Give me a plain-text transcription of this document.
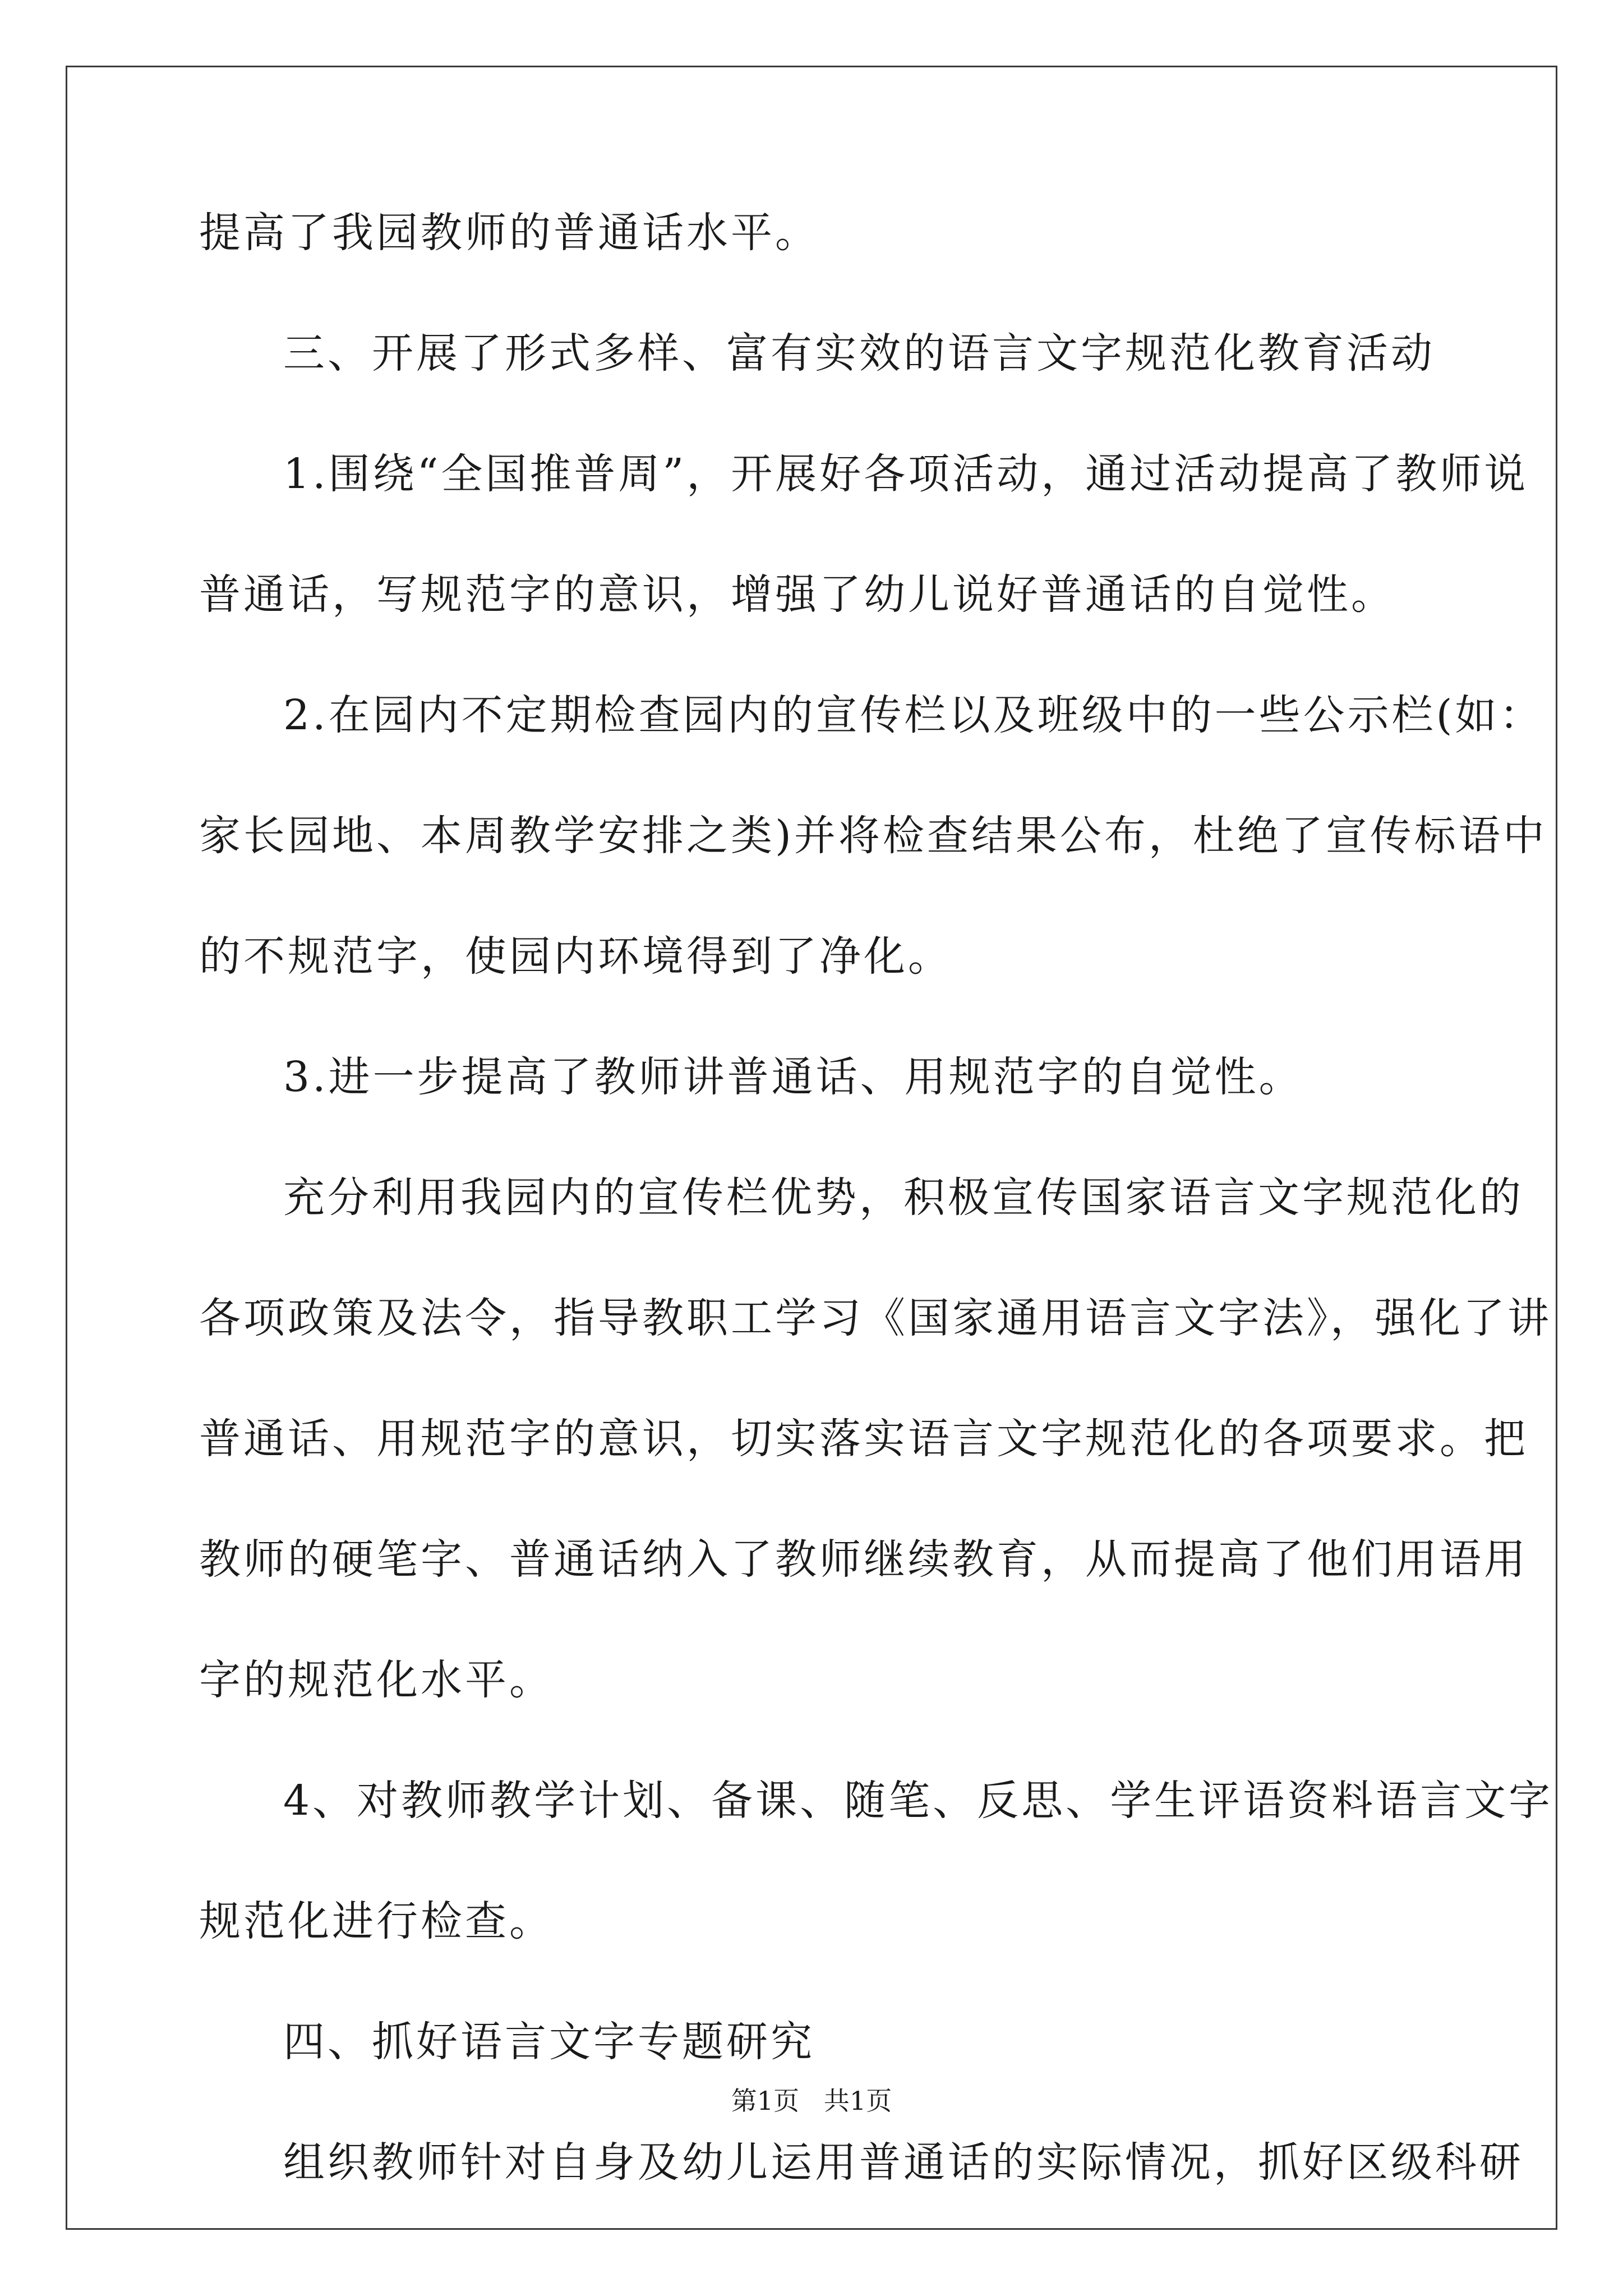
提高了我园教师的普通话水平。
三、开展了形式多样、富有实效的语言文字规范化教育活动
1.围绕“全国推普周”，开展好各项活动，通过活动提高了教师说
普通话，写规范字的意识，增强了幼儿说好普通话的自觉性。
2.在园内不定期检查园内的宣传栏以及班级中的一些公示栏(如：
家长园地、本周教学安排之类)并将检查结果公布，杜绝了宣传标语中
的不规范字，使园内环境得到了净化。
3.进一步提高了教师讲普通话、用规范字的自觉性。
充分利用我园内的宣传栏优势，积极宣传国家语言文字规范化的
各项政策及法令，指导教职工学习《国家通用语言文字法》，强化了讲
普通话、用规范字的意识，切实落实语言文字规范化的各项要求。把
教师的硬笔字、普通话纳入了教师继续教育，从而提高了他们用语用
字的规范化水平。
4、对教师教学计划、备课、随笔、反思、学生评语资料语言文字
规范化进行检查。
四、抓好语言文字专题研究
组织教师针对自身及幼儿运用普通话的实际情况，抓好区级科研
第1页   共1页
